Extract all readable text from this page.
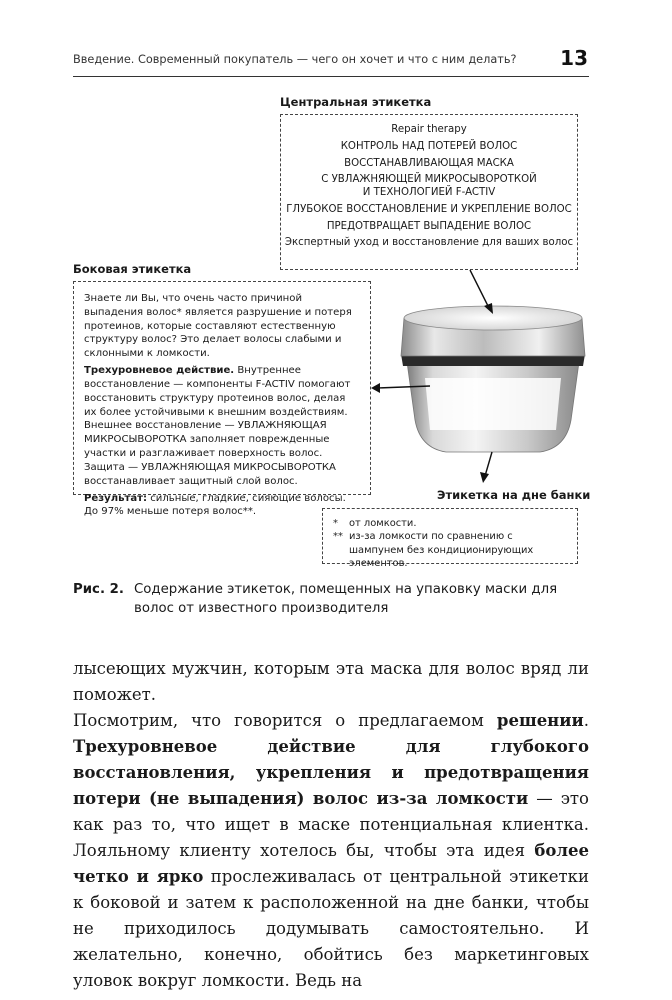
Введение. Современный покупатель — чего он хочет и что с ним делать? 13
Центральная этикетка
Repair therapy
КОНТРОЛЬ НАД ПОТЕРЕЙ ВОЛОС
ВОССТАНАВЛИВАЮЩАЯ МАСКА
С УВЛАЖНЯЮЩЕЙ МИКРОСЫВОРОТКОЙ
И ТЕХНОЛОГИЕЙ F-ACTIV
ГЛУБОКОЕ ВОССТАНОВЛЕНИЕ И УКРЕПЛЕНИЕ ВОЛОС
ПРЕДОТВРАЩАЕТ ВЫПАДЕНИЕ ВОЛОС
Экспертный уход и восстановление для ваших волос
Боковая этикетка

Знаете ли Вы, что очень часто причиной выпадения волос* является разрушение и потеря протеинов, которые составляют естественную структуру волос? Это делает волосы слабыми и склонными к ломкости.

Трехуровневое действие. Внутреннее восстановление — компоненты F-ACTIV помогают восстановить структуру протеинов волос, делая их более устойчивыми к внешним воздействиям. Внешнее восстановление — УВЛАЖНЯЮЩАЯ МИКРОСЫВОРОТКА заполняет поврежденные участки и разглаживает поверхность волос. Защита — УВЛАЖНЯЮЩАЯ МИКРОСЫВОРОТКА восстанавливает защитный слой волос.

Результат: сильные, гладкие, сияющие волосы.
До 97% меньше потеря волос**.

Этикетка на дне банки
*	от ломкости.
** из-за ломкости по сравнению с шампунем без кондиционирующих элементов.
Рис. 2. Содержание этикеток, помещенных на упаковку маски для волос от известного производителя

лысеющих мужчин, которым эта маска для волос вряд ли поможет.

Посмотрим, что говорится о предлагаемом решении. Трехуровневое действие для глубокого восстановления, укрепления и предотвращения потери (не выпадения) волос из-за ломкости — это как раз то, что ищет в маске потенциальная клиентка. Лояльному клиенту хотелось бы, чтобы эта идея более четко и ярко прослеживалась от центральной этикетки к боковой и затем к расположенной на дне банки, чтобы не приходилось додумывать самостоятельно. И желательно, конечно, обойтись без маркетинговых уловок вокруг ломкости. Ведь на
